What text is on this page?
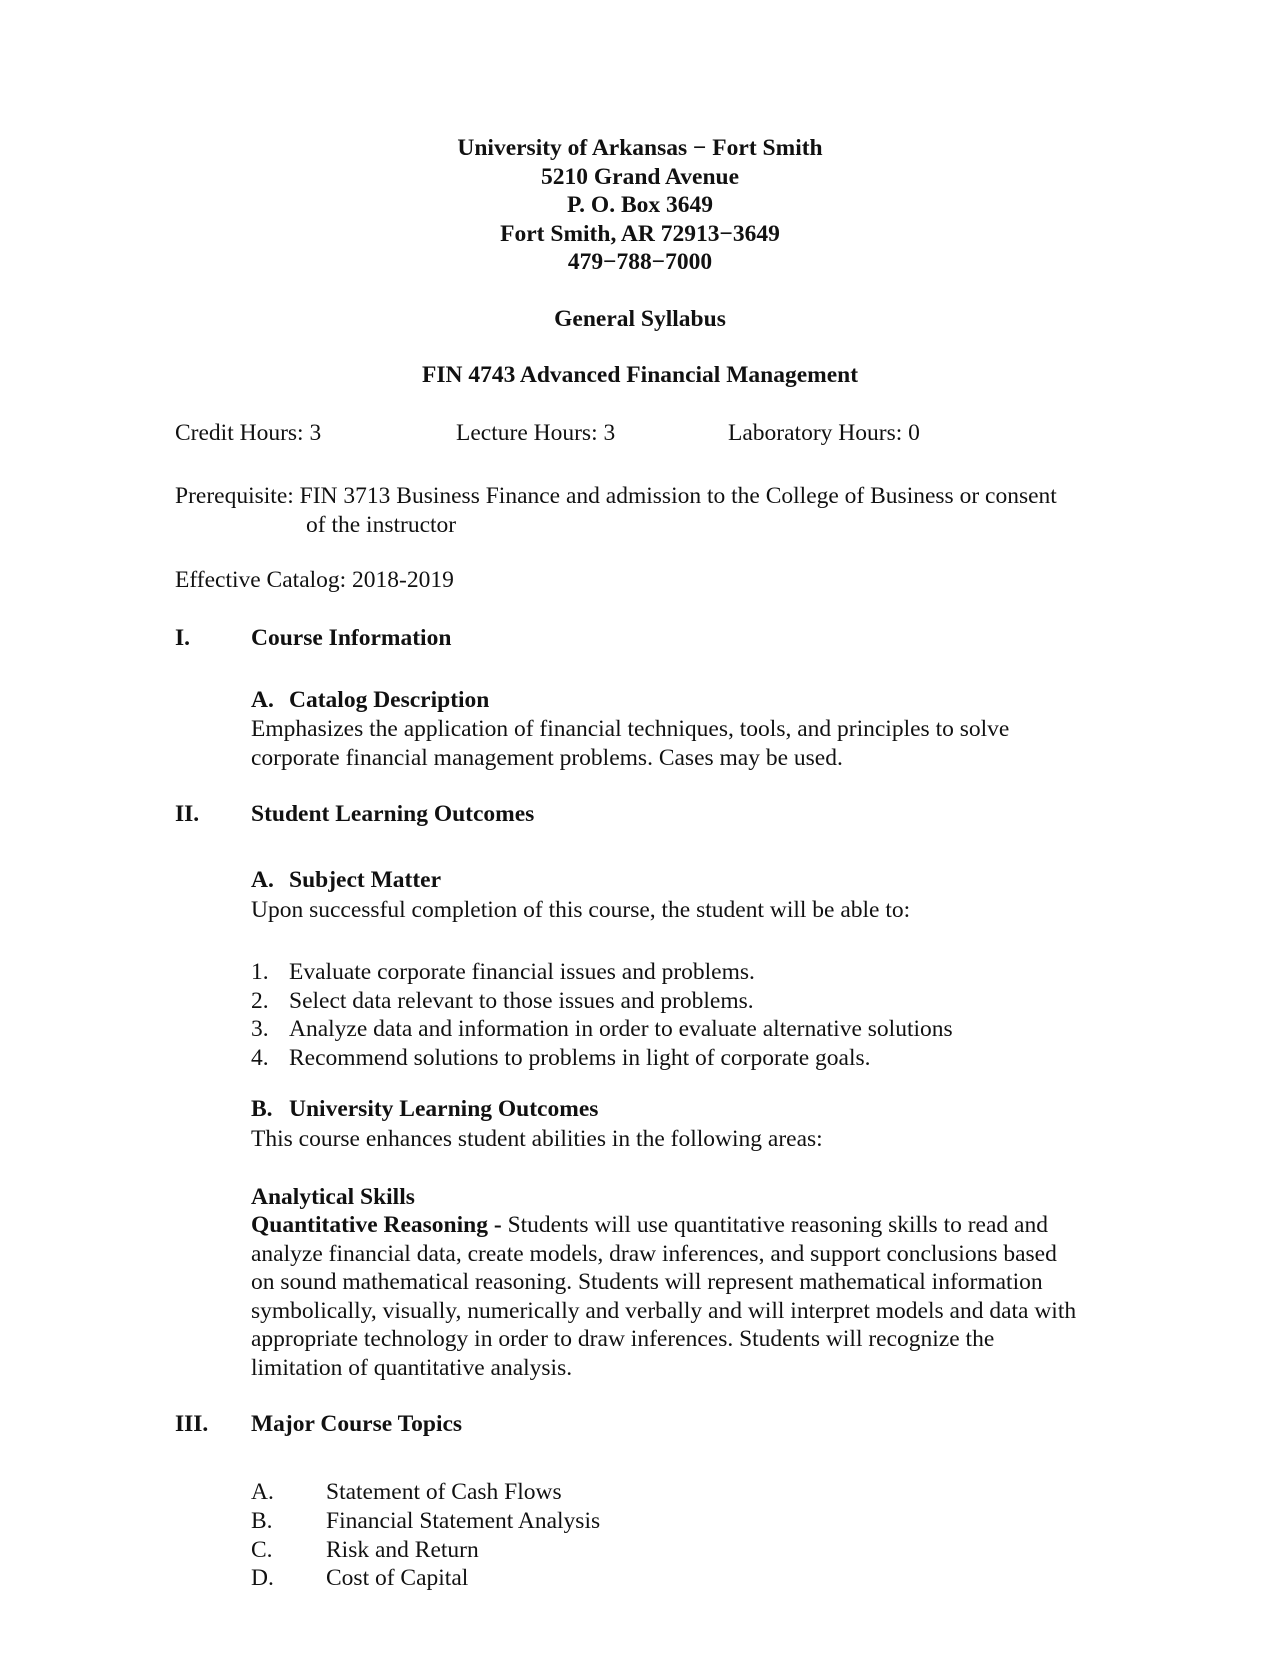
University of Arkansas − Fort Smith
5210 Grand Avenue
P. O. Box 3649
Fort Smith, AR 72913−3649
479−788−7000
General Syllabus
FIN 4743 Advanced Financial Management
Credit Hours: 3	Lecture Hours: 3	Laboratory Hours: 0
Prerequisite: FIN 3713 Business Finance and admission to the College of Business or consent
of the instructor
Effective Catalog: 2018-2019
I.	Course Information
A. Catalog Description
Emphasizes the application of financial techniques, tools, and principles to solve
corporate financial management problems. Cases may be used.
II. Student Learning Outcomes
A. Subject Matter
Upon successful completion of this course, the student will be able to:
1. Evaluate corporate financial issues and problems.
2. Select data relevant to those issues and problems.
3. Analyze data and information in order to evaluate alternative solutions
4. Recommend solutions to problems in light of corporate goals.
B. University Learning Outcomes
This course enhances student abilities in the following areas:
Analytical Skills
Quantitative Reasoning - Students will use quantitative reasoning skills to read and
analyze financial data, create models, draw inferences, and support conclusions based
on sound mathematical reasoning. Students will represent mathematical information
symbolically, visually, numerically and verbally and will interpret models and data with
appropriate technology in order to draw inferences. Students will recognize the
limitation of quantitative analysis.
III. Major Course Topics
A. Statement of Cash Flows
B. Financial Statement Analysis
C. Risk and Return
D. Cost of Capital
